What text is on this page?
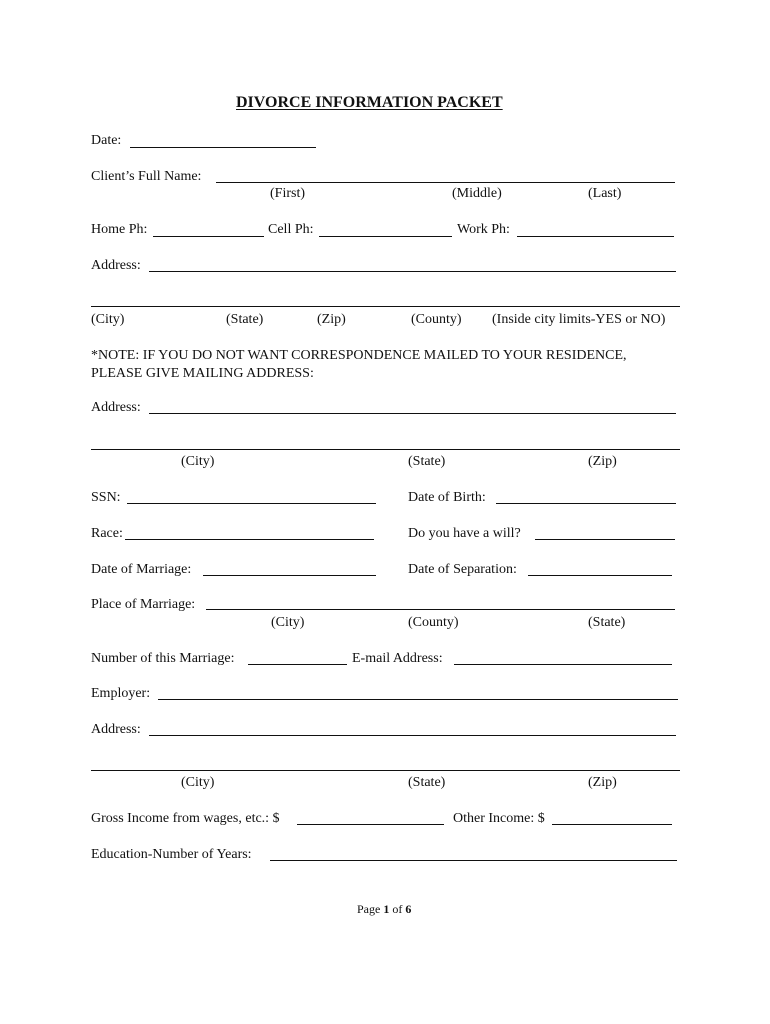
DIVORCE INFORMATION PACKET
Date:
Client’s Full Name:
(First)	(Middle)	(Last)
Home Ph:	Cell Ph:	Work Ph:
Address:
(City)	(State)	(Zip)	(County) (Inside city limits-YES or NO)
*NOTE: IF YOU DO NOT WANT CORRESPONDENCE MAILED TO YOUR RESIDENCE,
PLEASE GIVE MAILING ADDRESS:
Address:
(City)	(State)	(Zip)
SSN:	Date of Birth:
Race:	Do you have a will?
Date of Marriage:	Date of Separation:
Place of Marriage:
(City)	(County)	(State)
Number of this Marriage:	E-mail Address:
Employer:
Address:
(City)	(State)	(Zip)
Gross Income from wages, etc.: $	Other Income: $
Education-Number of Years:
Page 1 of 6
